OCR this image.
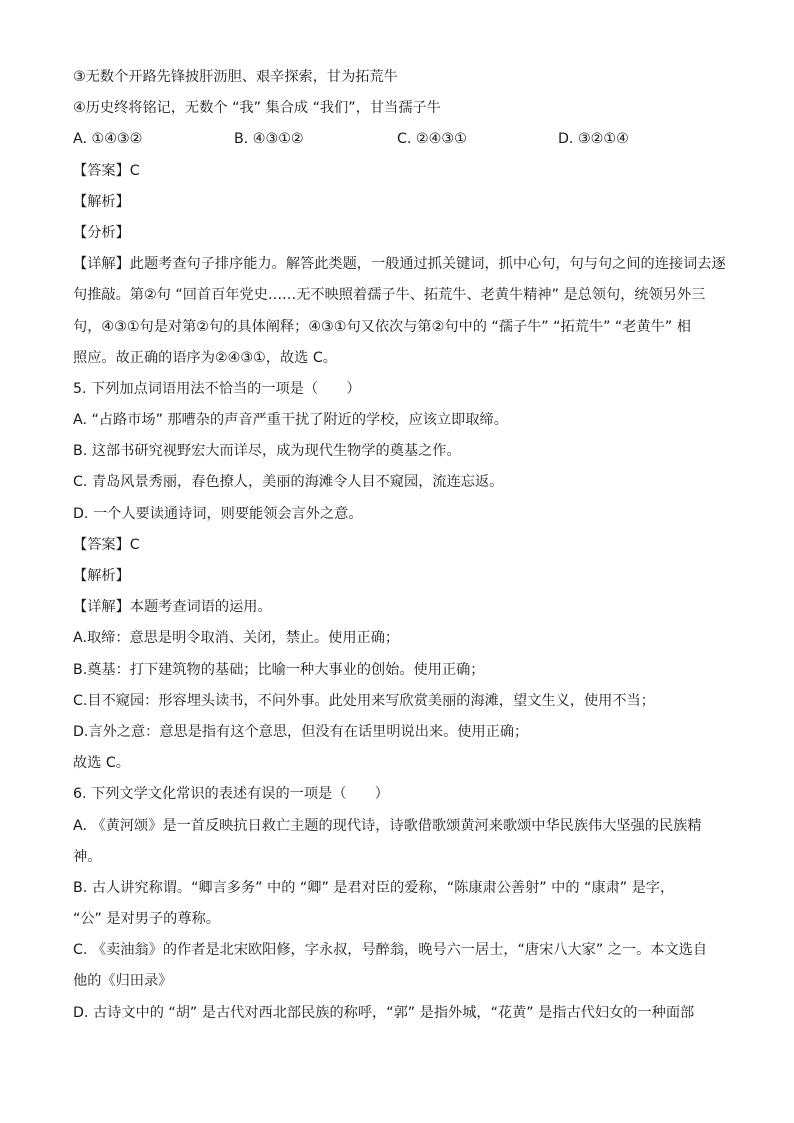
③无数个开路先锋披肝沥胆、艰辛探索，甘为拓荒牛
④历史终将铭记，无数个 “我” 集合成 “我们”，甘当孺子牛
A. ①④③②	B. ④③①②	C. ②④③①	D. ③②①④
【答案】C
【解析】
【分析】
【详解】此题考查句子排序能力。解答此类题，一般通过抓关键词，抓中心句，句与句之间的连接词去逐
句推敲。第②句 “回首百年党史……无不映照着孺子牛、拓荒牛、老黄牛精神” 是总领句，统领另外三
句，④③①句是对第②句的具体阐释；④③①句又依次与第②句中的 “孺子牛” “拓荒牛” “老黄牛” 相
照应。故正确的语序为②④③①，故选 C。
5. 下列加点词语用法不恰当的一项是（　　）
A. “占路市场” 那嘈杂的声音严重干扰了附近的学校，应该立即取缔。
B. 这部书研究视野宏大而详尽，成为现代生物学的奠基之作。
C. 青岛风景秀丽，春色撩人，美丽的海滩令人目不窥园，流连忘返。
D. 一个人要读通诗词，则要能领会言外之意。
【答案】C
【解析】
【详解】本题考查词语的运用。
A.取缔：意思是明令取消、关闭，禁止。使用正确；
B.奠基：打下建筑物的基础；比喻一种大事业的创始。使用正确；
C.目不窥园：形容埋头读书，不问外事。此处用来写欣赏美丽的海滩，望文生义，使用不当；
D.言外之意：意思是指有这个意思，但没有在话里明说出来。使用正确；
故选 C。
6. 下列文学文化常识的表述有误的一项是（　　）
A. 《黄河颂》是一首反映抗日救亡主题的现代诗，诗歌借歌颂黄河来歌颂中华民族伟大坚强的民族精
神。
B. 古人讲究称谓。“卿言多务” 中的 “卿” 是君对臣的爱称，“陈康肃公善射” 中的 “康肃” 是字，
“公” 是对男子的尊称。
C. 《卖油翁》的作者是北宋欧阳修，字永叔，号醉翁，晚号六一居士，“唐宋八大家” 之一。本文选自
他的《归田录》
D. 古诗文中的 “胡” 是古代对西北部民族的称呼，“郭” 是指外城，“花黄” 是指古代妇女的一种面部
